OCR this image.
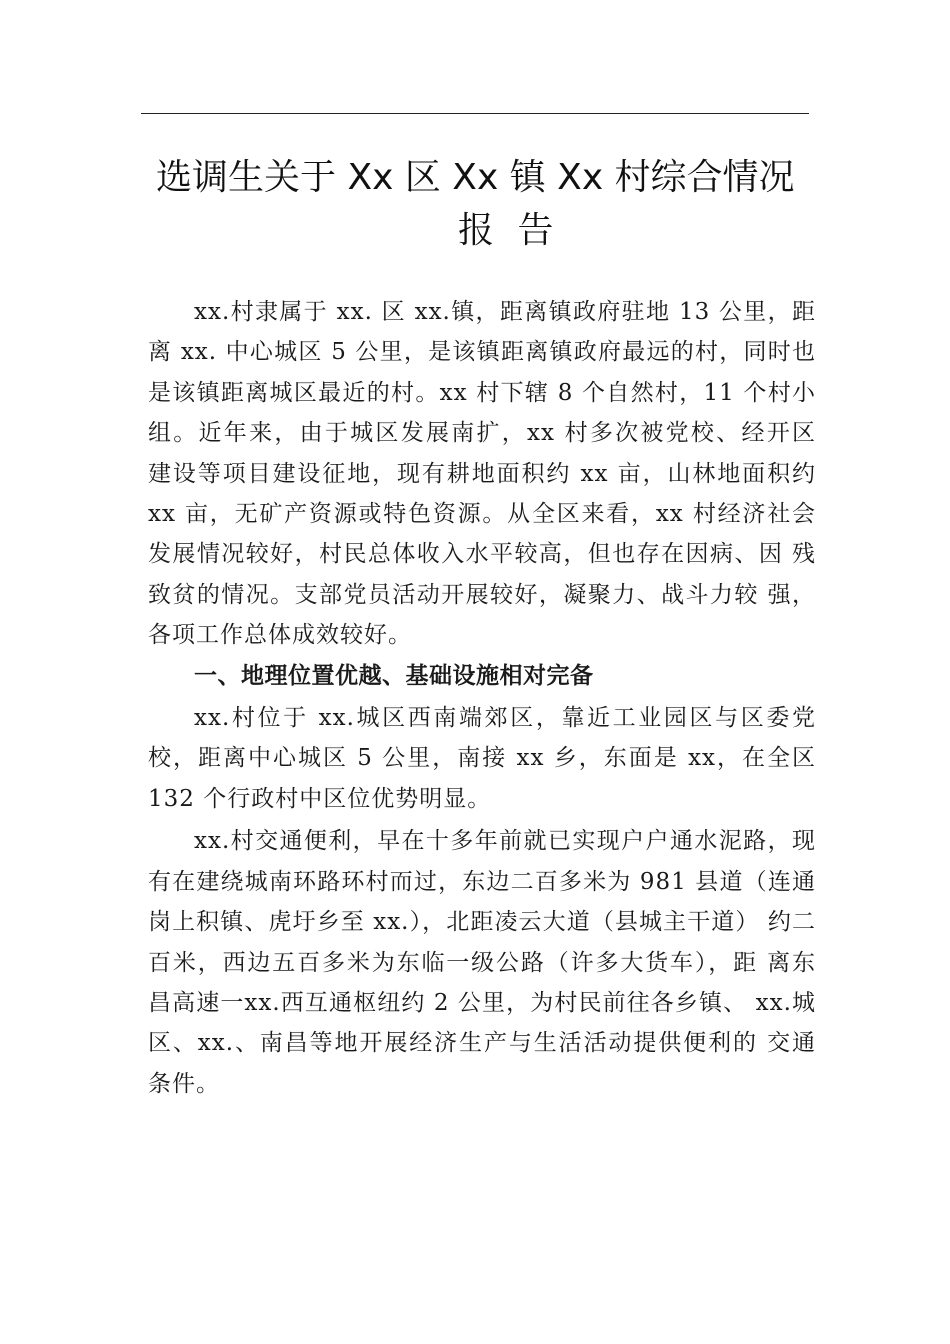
选调生关于 Xx 区 Xx 镇 Xx 村综合情况
报 告

xx.村隶属于 xx. 区 xx.镇，距离镇政府驻地 13 公里，距 离 xx. 中心城区 5 公里，是该镇距离镇政府最远的村，同时也 是该镇距离城区最近的村。xx 村下辖 8 个自然村，11 个村小 组。近年来，由于城区发展南扩，xx 村多次被党校、经开区 建设等项目建设征地，现有耕地面积约 xx 亩，山林地面积约 xx 亩，无矿产资源或特色资源。从全区来看，xx 村经济社会 发展情况较好，村民总体收入水平较高，但也存在因病、因 残致贫的情况。支部党员活动开展较好，凝聚力、战斗力较 强，各项工作总体成效较好。

一、地理位置优越、基础设施相对完备

xx.村位于 xx.城区西南端郊区，靠近工业园区与区委党校，距离中心城区 5 公里，南接 xx 乡，东面是 xx，在全区 132 个行政村中区位优势明显。

xx.村交通便利，早在十多年前就已实现户户通水泥路，现有在建绕城南环路环村而过，东边二百多米为 981 县道（连通岗上积镇、虎圩乡至 xx.），北距凌云大道（县城主干道） 约二百米，西边五百多米为东临一级公路（许多大货车），距 离东昌高速一xx.西互通枢纽约 2 公里，为村民前往各乡镇、 xx.城区、xx.、南昌等地开展经济生产与生活活动提供便利的 交通条件。
